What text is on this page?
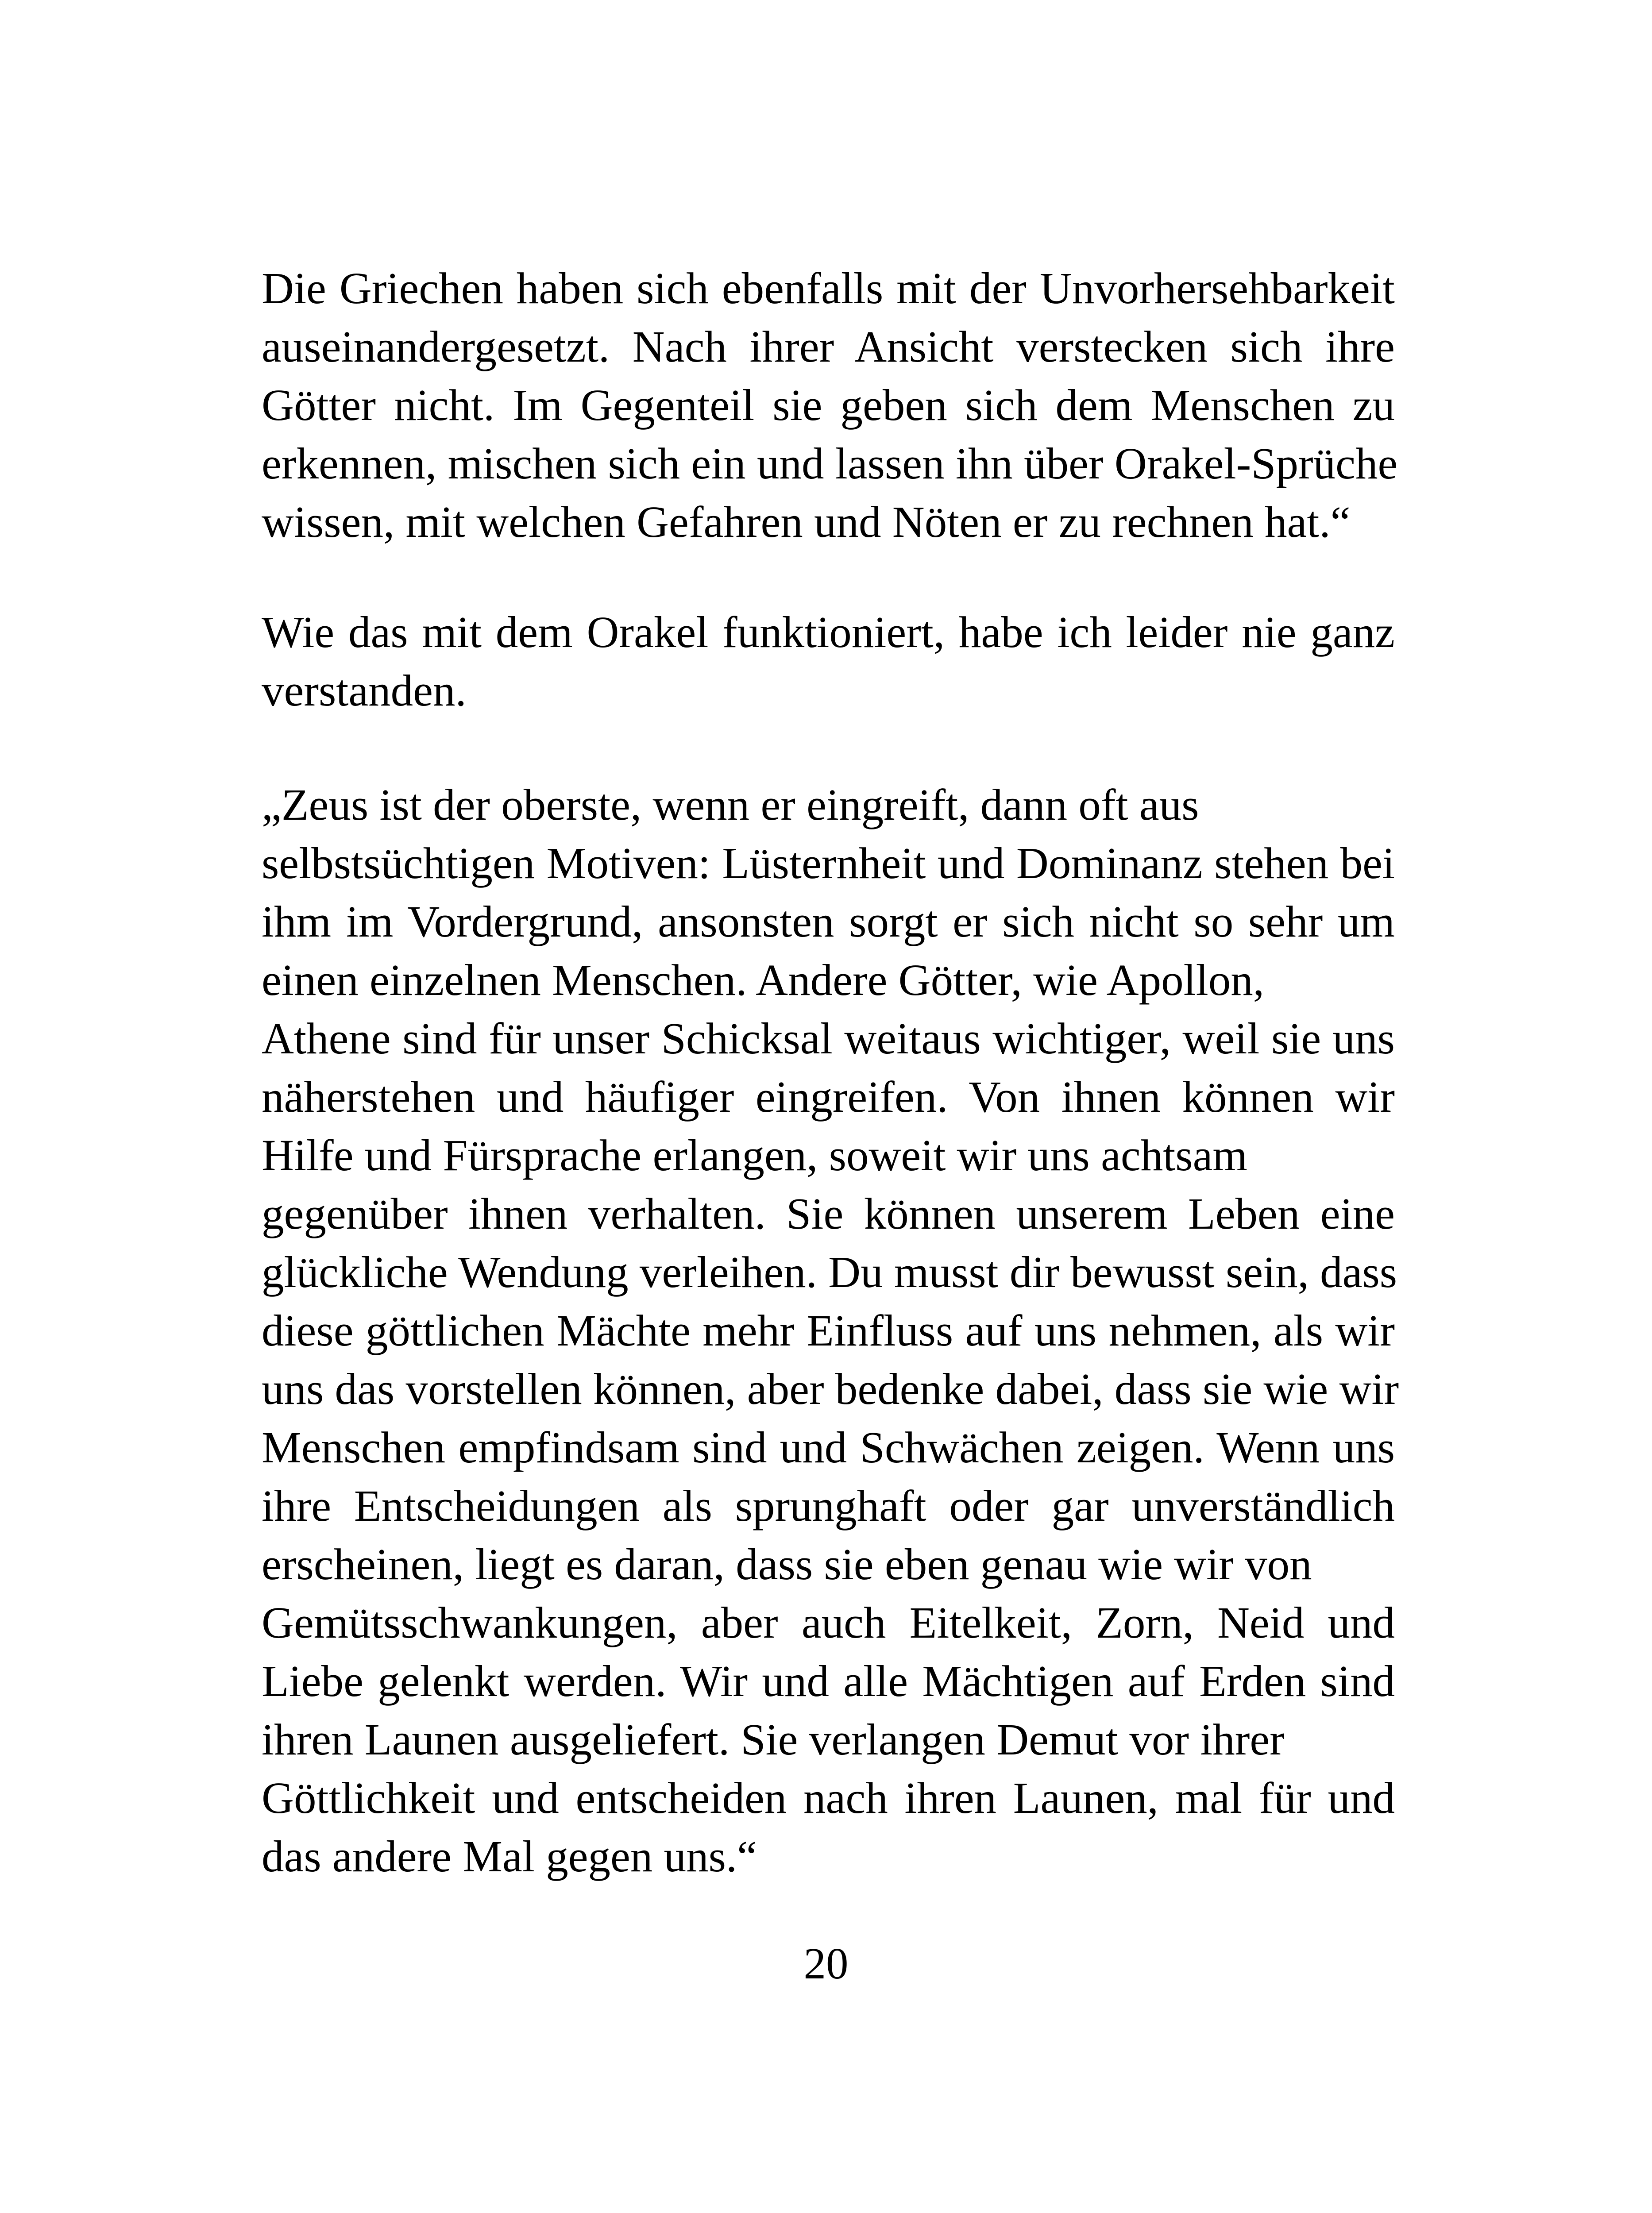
Die Griechen haben sich ebenfalls mit der Unvorhersehbarkeit
auseinandergesetzt. Nach ihrer Ansicht verstecken sich ihre
Götter nicht. Im Gegenteil sie geben sich dem Menschen zu
erkennen, mischen sich ein und lassen ihn über Orakel-Sprüche
wissen, mit welchen Gefahren und Nöten er zu rechnen hat.“

Wie das mit dem Orakel funktioniert, habe ich leider nie ganz
verstanden.

„Zeus ist der oberste, wenn er eingreift, dann oft aus
selbstsüchtigen Motiven: Lüsternheit und Dominanz stehen bei
ihm im Vordergrund, ansonsten sorgt er sich nicht so sehr um
einen einzelnen Menschen. Andere Götter, wie Apollon,
Athene sind für unser Schicksal weitaus wichtiger, weil sie uns
näherstehen und häufiger eingreifen. Von ihnen können wir
Hilfe und Fürsprache erlangen, soweit wir uns achtsam
gegenüber ihnen verhalten. Sie können unserem Leben eine
glückliche Wendung verleihen. Du musst dir bewusst sein, dass
diese göttlichen Mächte mehr Einfluss auf uns nehmen, als wir
uns das vorstellen können, aber bedenke dabei, dass sie wie wir
Menschen empfindsam sind und Schwächen zeigen. Wenn uns
ihre Entscheidungen als sprunghaft oder gar unverständlich
erscheinen, liegt es daran, dass sie eben genau wie wir von
Gemütsschwankungen, aber auch Eitelkeit, Zorn, Neid und
Liebe gelenkt werden. Wir und alle Mächtigen auf Erden sind
ihren Launen ausgeliefert. Sie verlangen Demut vor ihrer
Göttlichkeit und entscheiden nach ihren Launen, mal für und
das andere Mal gegen uns.“

20
